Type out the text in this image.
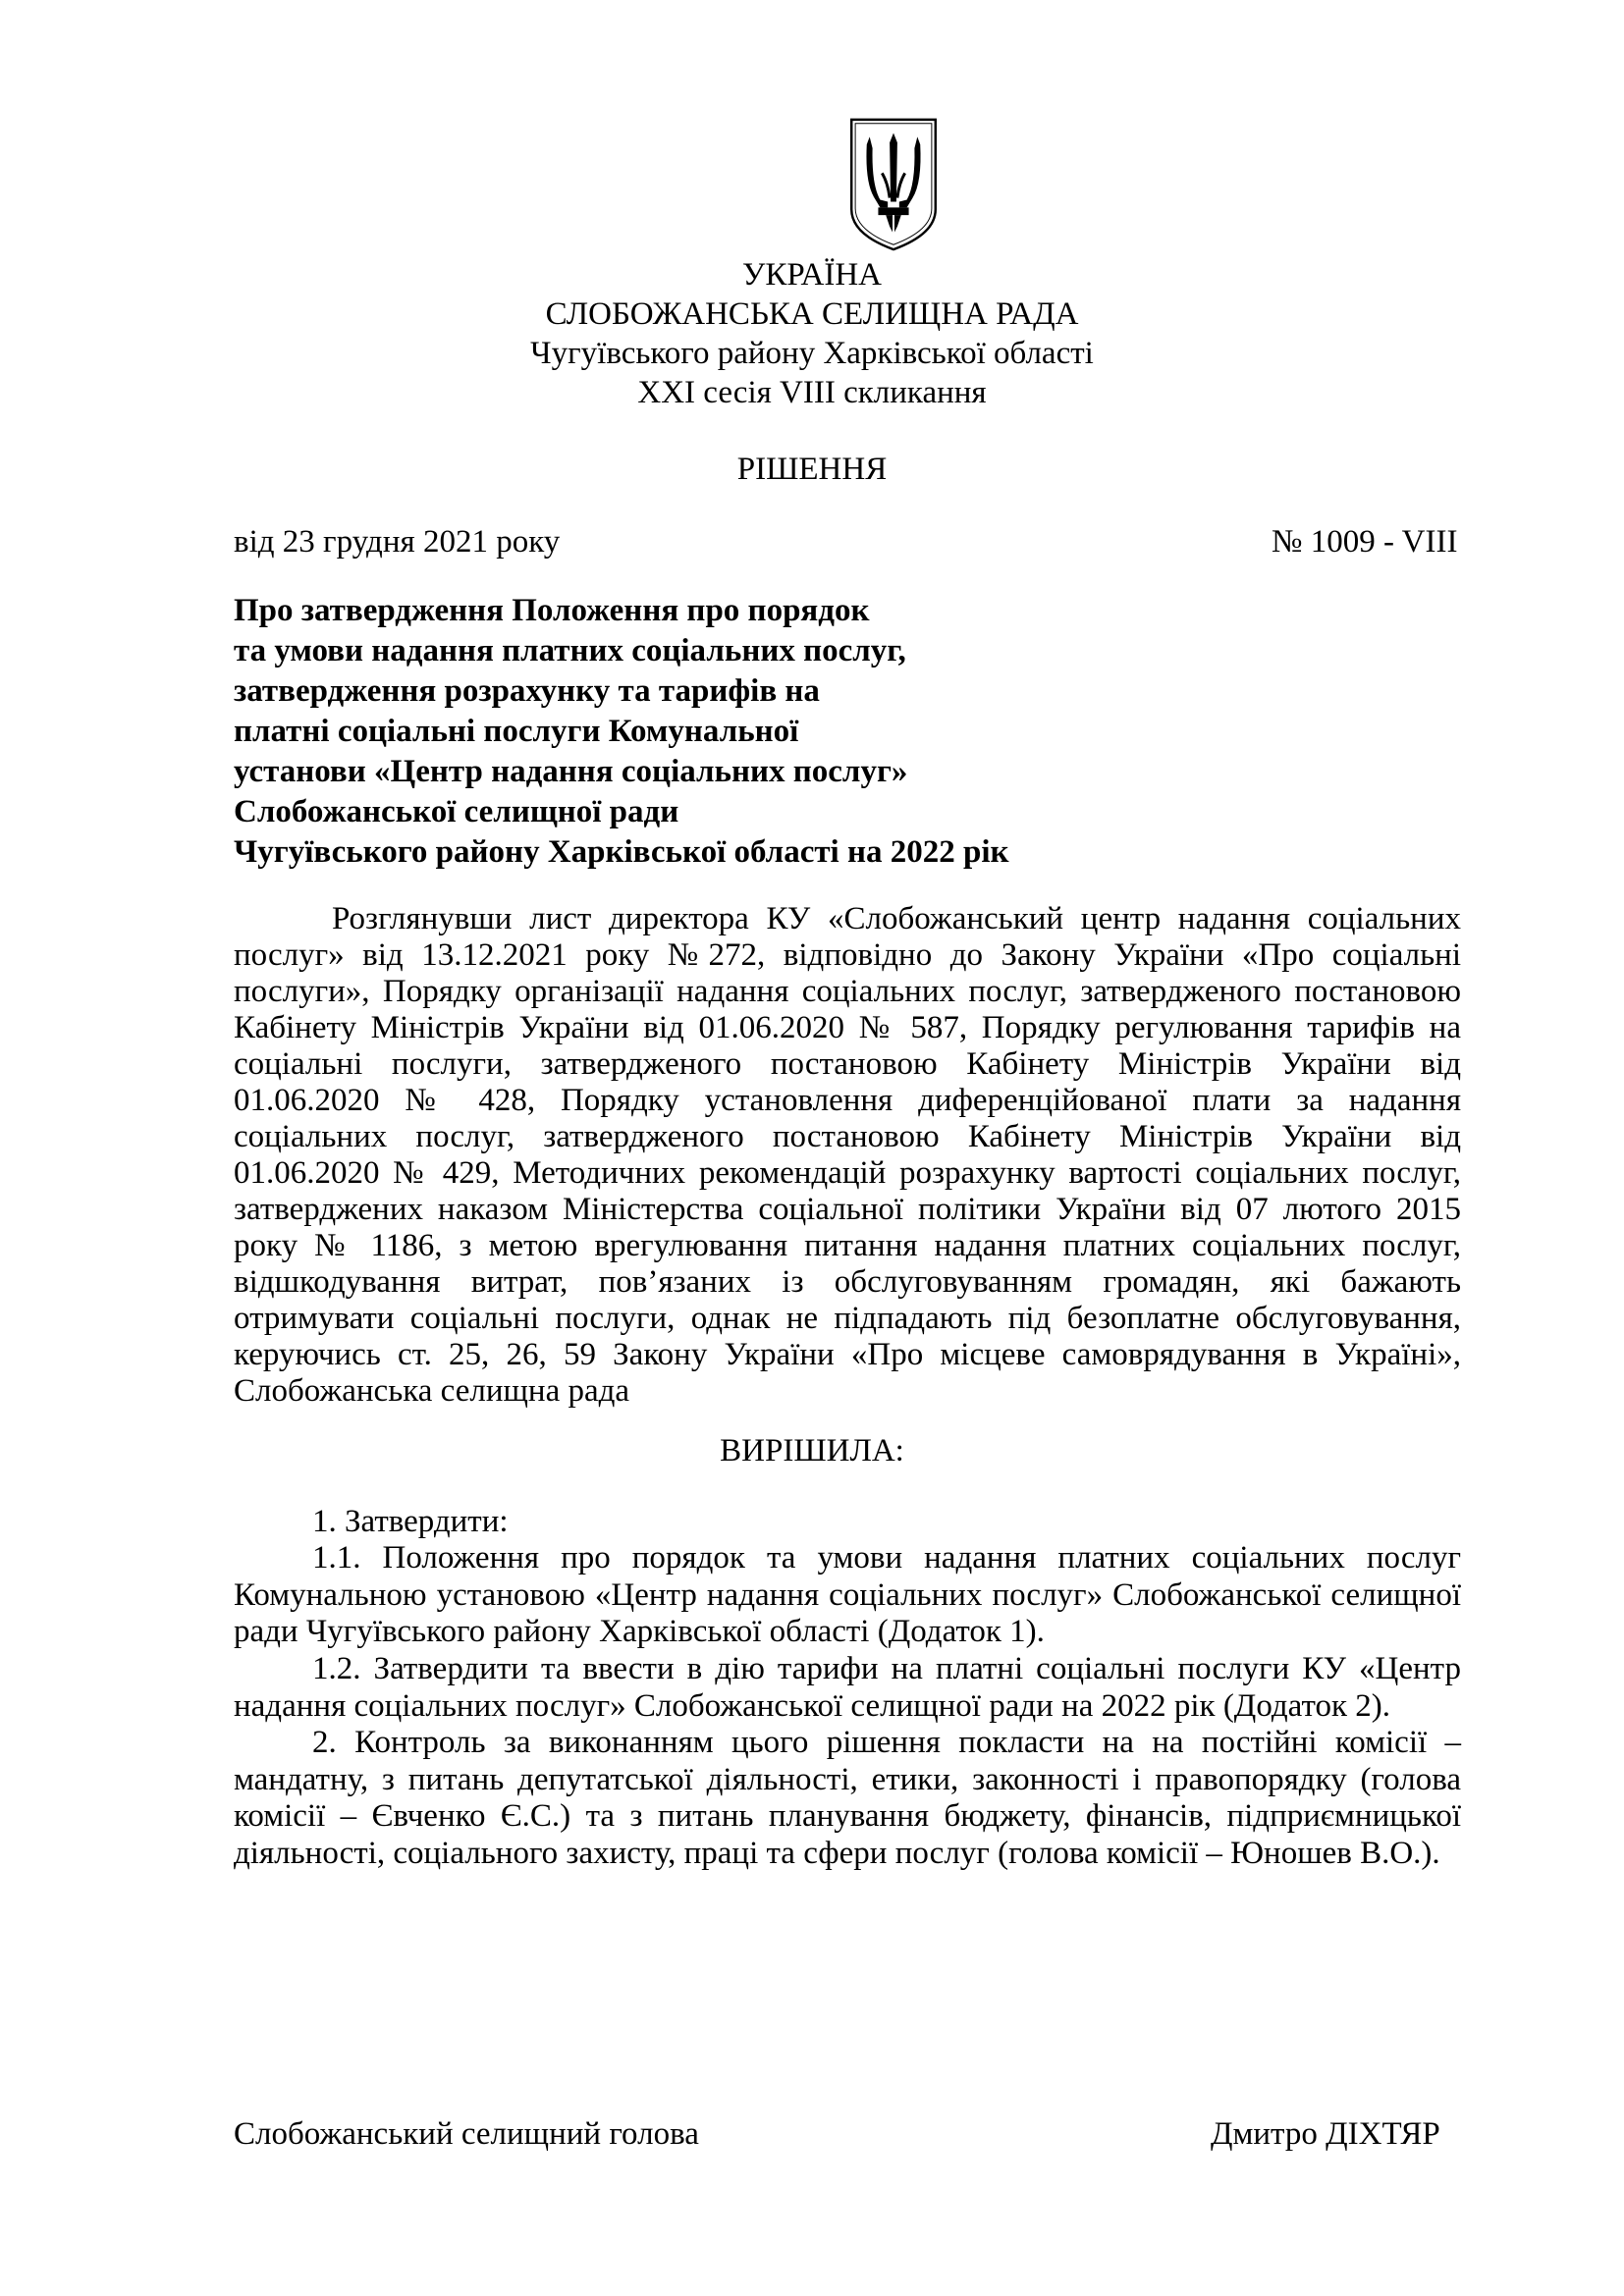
УКРАЇНА
СЛОБОЖАНСЬКА СЕЛИЩНА РАДА
Чугуївського району Харківської області
XXI сесія VIII скликання
РІШЕННЯ
від 23 грудня 2021 року	№ 1009 - VIII
Про затвердження Положення про порядок
та умови надання платних соціальних послуг,
затвердження розрахунку та тарифів на
платні соціальні послуги Комунальної
установи «Центр надання соціальних послуг»
Слобожанської селищної ради
Чугуївського району Харківської області на 2022 рік
Розглянувши лист директора КУ «Слобожанський центр надання соціальних послуг» від 13.12.2021 року №272, відповідно до Закону України «Про соціальні послуги», Порядку організації надання соціальних послуг, затвердженого постановою Кабінету Міністрів України від 01.06.2020 № 587, Порядку регулювання тарифів на соціальні послуги, затвердженого постановою Кабінету Міністрів України від 01.06.2020 № 428, Порядку установлення диференційованої плати за надання соціальних послуг, затвердженого постановою Кабінету Міністрів України від 01.06.2020 № 429, Методичних рекомендацій розрахунку вартості соціальних послуг, затверджених наказом Міністерства соціальної політики України від 07 лютого 2015 року № 1186, з метою врегулювання питання надання платних соціальних послуг, відшкодування витрат, пов’язаних із обслуговуванням громадян, які бажають отримувати соціальні послуги, однак не підпадають під безоплатне обслуговування, керуючись ст. 25, 26, 59 Закону України «Про місцеве самоврядування в Україні», Слобожанська селищна рада
ВИРІШИЛА:
1. Затвердити:
1.1. Положення про порядок та умови надання платних соціальних послуг Комунальною установою «Центр надання соціальних послуг» Слобожанської селищної ради Чугуївського району Харківської області (Додаток 1).
1.2. Затвердити та ввести в дію тарифи на платні соціальні послуги КУ «Центр надання соціальних послуг» Слобожанської селищної ради на 2022 рік (Додаток 2).
2. Контроль за виконанням цього рішення покласти на на постійні комісії – мандатну, з питань депутатської діяльності, етики, законності і правопорядку (голова комісії – Євченко Є.С.) та з питань планування бюджету, фінансів, підприємницької діяльності, соціального захисту, праці та сфери послуг (голова комісії – Юношев В.О.).
Слобожанський селищний голова	Дмитро ДІХТЯР
